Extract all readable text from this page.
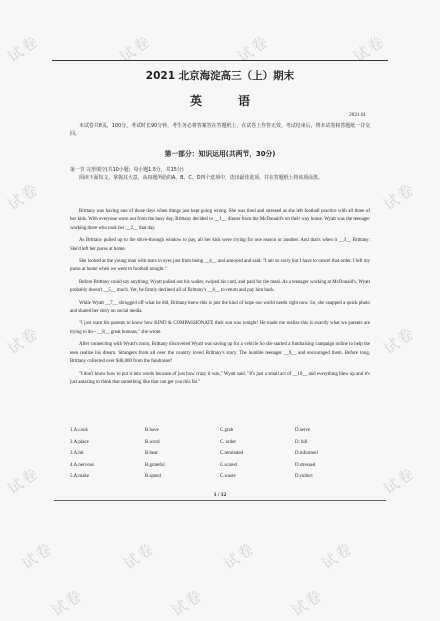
试卷	试卷	试卷	试卷
试卷	试卷
试卷	试卷
试卷	试卷
试卷	试卷	试卷	试卷
试卷	试卷	试卷
2021 北京海淀高三（上）期末
英　语
2021.01

本试卷共8页，100分。考试时长90分钟。考生务必将答案答在答题纸上，在试卷上作答无效。考试结束后，将本试卷和答题纸一并交回。

第一部分：知识运用(共两节，30分)

第一节 完形填空(共10小题；每小题1.5分，共15分)

阅读下面短文，掌握其大意，从每题所给的A、B、C、D四个选项中，选出最佳选项，并在答题纸上将该项涂黑。

Brittany was having one of those days when things just kept going wrong. She was tired and stressed as she left football practice with all three of her kids. With everyone worn out from the busy day, Brittany decided to __1__ dinner from the McDonald's on their way home. Wyatt was the teenager working there who took her __2__ that day.

As Brittany pulled up to the drive-through window to pay, all her kids were crying for one reason or another. And that's when it __3__ Brittany: She'd left her purse at home.

She looked at the young man with tears in eyes just from being __4__ and annoyed and said. "I am so sorry but I have to cancel that order. I left my purse at home when we went to football tonight."

Before Brittany could say anything, Wyatt pulled out his wallet, swiped his card, and paid for the meal. As a teenager working at McDonald's, Wyatt probably doesn't __5__ much. Yet, he firmly declined all of Brittany's __6__ to return and pay him back.

While Wyatt __7__ shrugged off what he did, Brittany knew this is just the kind of hope our world needs right now. So, she snapped a quick photo and shared her story on social media.

"I just want his parents to know how KIND & COMPASSIONATE their son was tonight! He made me realize this is exactly what we parents are trying to do-- __8__ great humans," she wrote.

After connecting with Wyatt's mom, Brittany discovered Wyatt was saving up for a vehicle So she started a fundraising campaign online to help the teen realize his dream. Strangers from all over the country loved Brittany's story. The humble teenager __9__ and encouraged them. Before long, Brittany collected over $40,000 from the fundraiser!

"I don't know how to put it into words because of just how crazy it was," Wyatt said. "It's just a small act of __10__ and everything blew up and it's just amazing to think that something like that can get you this far."

1.A.cook	B.have	C.grab	D.serve
2.A.place	B.word	C. order	D. bill
3.A.hit	B.beat	C.reminded	D.informed
4.A.nervous	B.grateful	C.scared	D.stressed
5.A.make	B.spend	C.waste	D.collect
1 / 12
